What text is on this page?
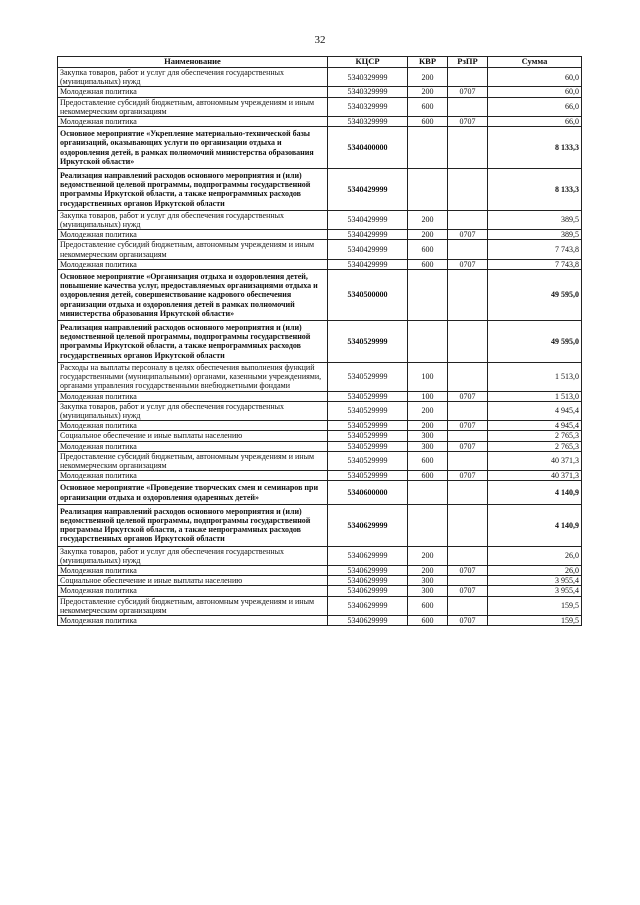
32
Наименование	КЦСР	КВР	РзПР	Сумма
Закупка товаров, работ и услуг для обеспечения государственных (муниципальных) нужд	5340329999	200		60,0
Молодежная политика	5340329999	200	0707	60,0
Предоставление субсидий бюджетным, автономным учреждениям и иным некоммерческим организациям	5340329999	600		66,0
Молодежная политика	5340329999	600	0707	66,0
Основное мероприятие «Укрепление материально-технической базы организаций, оказывающих услуги по организации отдыха и оздоровления детей, в рамках полномочий министерства образования Иркутской области»	5340400000			8 133,3
Реализация направлений расходов основного мероприятия и (или) ведомственной целевой программы, подпрограммы государственной программы Иркутской области, а также непрограммных расходов государственных органов Иркутской области	5340429999			8 133,3
Закупка товаров, работ и услуг для обеспечения государственных (муниципальных) нужд	5340429999	200		389,5
Молодежная политика	5340429999	200	0707	389,5
Предоставление субсидий бюджетным, автономным учреждениям и иным некоммерческим организациям	5340429999	600		7 743,8
Молодежная политика	5340429999	600	0707	7 743,8
Основное мероприятие «Организация отдыха и оздоровления детей, повышение качества услуг, предоставляемых организациями отдыха и оздоровления детей, совершенствование кадрового обеспечения организации отдыха и оздоровления детей в рамках полномочий министерства образования Иркутской области»	5340500000			49 595,0
Реализация направлений расходов основного мероприятия и (или) ведомственной целевой программы, подпрограммы государственной программы Иркутской области, а также непрограммных расходов государственных органов Иркутской области	5340529999			49 595,0
Расходы на выплаты персоналу в целях обеспечения выполнения функций государственными (муниципальными) органами, казенными учреждениями, органами управления государственными внебюджетными фондами	5340529999	100		1 513,0
Молодежная политика	5340529999	100	0707	1 513,0
Закупка товаров, работ и услуг для обеспечения государственных (муниципальных) нужд	5340529999	200		4 945,4
Молодежная политика	5340529999	200	0707	4 945,4
Социальное обеспечение и иные выплаты населению	5340529999	300		2 765,3
Молодежная политика	5340529999	300	0707	2 765,3
Предоставление субсидий бюджетным, автономным учреждениям и иным некоммерческим организациям	5340529999	600		40 371,3
Молодежная политика	5340529999	600	0707	40 371,3
Основное мероприятие «Проведение творческих смен и семинаров при организации отдыха и оздоровления одаренных детей»	5340600000			4 140,9
Реализация направлений расходов основного мероприятия и (или) ведомственной целевой программы, подпрограммы государственной программы Иркутской области, а также непрограммных расходов государственных органов Иркутской области	5340629999			4 140,9
Закупка товаров, работ и услуг для обеспечения государственных (муниципальных) нужд	5340629999	200		26,0
Молодежная политика	5340629999	200	0707	26,0
Социальное обеспечение и иные выплаты населению	5340629999	300		3 955,4
Молодежная политика	5340629999	300	0707	3 955,4
Предоставление субсидий бюджетным, автономным учреждениям и иным некоммерческим организациям	5340629999	600		159,5
Молодежная политика	5340629999	600	0707	159,5
